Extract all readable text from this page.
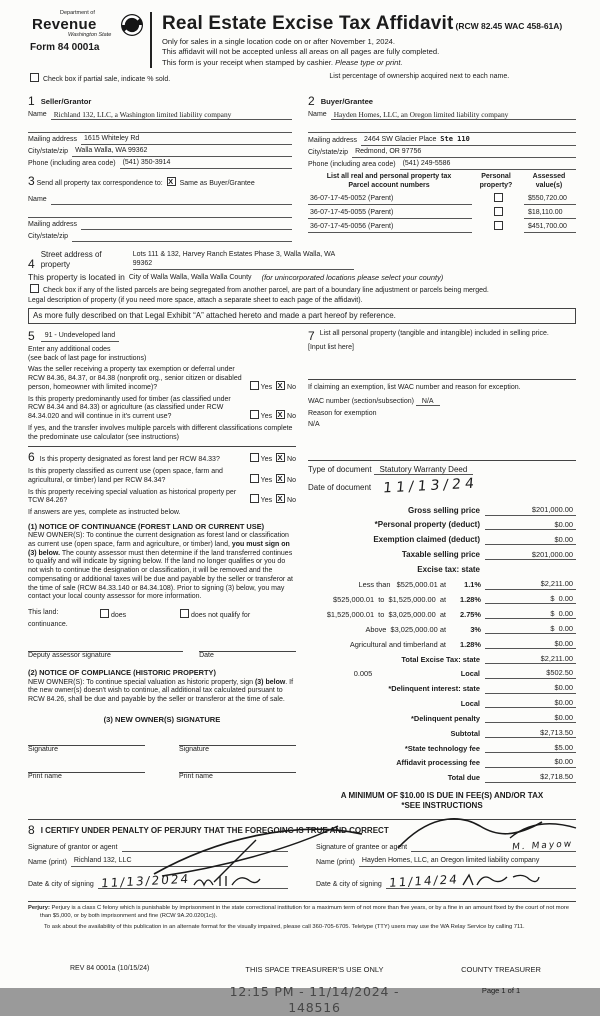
Department of
Revenue
Washington State
Form 84 0001a
Real Estate Excise Tax Affidavit (RCW 82.45 WAC 458-61A)
Only for sales in a single location code on or after November 1, 2024.
This affidavit will not be accepted unless all areas on all pages are fully completed.
This form is your receipt when stamped by cashier. Please type or print.
Check box if partial sale, indicate % sold.	List percentage of ownership acquired next to each name.
1 Seller/Grantor
Name Richland 132, LLC, a Washington limited liability company
Mailing address	1615 Whiteley Rd
City/state/zip	Walla Walla, WA 99362
Phone (including area code)	(541) 350-3914
3 Send all property tax correspondence to: X Same as Buyer/Grantee
Name
Mailing address
City/state/zip
2 Buyer/Grantee
Name Hayden Homes, LLC, an Oregon limited liability company
Mailing address	2464 SW Glacier Place Ste 110
City/state/zip	Redmond, OR 97756
Phone (including area code)	(541) 249-5586
List all real and personal property tax
Parcel account numbers
Personal
property?
Assessed
value(s)
36-07-17-45-0052 (Parent)	$550,720.00
36-07-17-45-0055 (Parent)	$18,110.00
36-07-17-45-0056 (Parent)	$451,700.00
4
Street address of
property
Lots 111 & 132, Harvey Ranch Estates Phase 3, Walla Walla, WA 99362
This property is located in City of Walla Walla, Walla Walla County	(for unincorporated locations please select your county)
Check box if any of the listed parcels are being segregated from another parcel, are part of a boundary line adjustment or parcels being merged.
Legal description of property (if you need more space, attach a separate sheet to each page of the affidavit).
As more fully described on that Legal Exhibit “A” attached hereto and made a part hereof by reference.
5	91 - Undeveloped land
Enter any additional codes
(see back of last page for instructions)
Was the seller receiving a property tax exemption or deferral under RCW 84.36, 84.37, or 84.38 (nonprofit org., senior citizen or disabled person, homeowner with limited income)?	Yes X No
Is this property predominantly used for timber (as classified under RCW 84.34 and 84.33) or agriculture (as classified under RCW 84.34.020 and will continue in it's current use?	Yes X No
If yes, and the transfer involves multiple parcels with different classifications complete the predominate use calculator (see instructions)
6 Is this property designated as forest land per RCW 84.33?	Yes X No
Is this property classified as current use (open space, farm and agricultural, or timber) land per RCW 84.34?	Yes X No
Is this property receiving special valuation as historical property per TCW 84.26?	Yes X No
If answers are yes, complete as instructed below.
(1) NOTICE OF CONTINUANCE (FOREST LAND OR CURRENT USE)
NEW OWNER(S): To continue the current designation as forest land or classification as current use (open space, farm and agriculture, or timber) land, you must sign on (3) below. The county assessor must then determine if the land transferred continues to qualify and will indicate by signing below. If the land no longer qualifies or you do not wish to continue the designation or classification, it will be removed and the compensating or additional taxes will be due and payable by the seller or transferor at the time of sale (RCW 84.33.140 or 84.34.108). Prior to signing (3) below, you may contact your local county assessor for more information.
This land:	does	does not qualify for
continuance.
Deputy assessor signature	Date
(2) NOTICE OF COMPLIANCE (HISTORIC PROPERTY)
NEW OWNER(S): To continue special valuation as historic property, sign (3) below. If the new owner(s) doesn't wish to continue, all additional tax calculated pursuant to RCW 84.26, shall be due and payable by the seller or transferor at the time of sale.
(3) NEW OWNER(S) SIGNATURE
Signature	Signature
Print name	Print name
7 List all personal property (tangible and intangible) included in selling price.
[Input list here]
If claiming an exemption, list WAC number and reason for exception.
WAC number (section/subsection) N/A
Reason for exemption
N/A
Type of document Statutory Warranty Deed
Date of document 11/13/24
Gross selling price	$201,000.00
*Personal property (deduct)	$0.00
Exemption claimed (deduct)	$0.00
Taxable selling price	$201,000.00
Excise tax: state
Less than   $525,000.01 at	1.1%	$2,211.00
$525,000.01  to  $1,525,000.00  at	1.28%	$  0.00
$1,525,000.01  to  $3,025,000.00  at	2.75%	$  0.00
Above  $3,025,000.00 at	3%	$  0.00
Agricultural and timberland at	1.28%	$0.00
Total Excise Tax: state	$2,211.00
0.005	Local	$502.50
*Delinquent interest: state	$0.00
Local	$0.00
*Delinquent penalty	$0.00
Subtotal	$2,713.50
*State technology fee	$5.00
Affidavit processing fee	$0.00
Total due	$2,718.50
A MINIMUM OF $10.00 IS DUE IN FEE(S) AND/OR TAX
*SEE INSTRUCTIONS
8 I CERTIFY UNDER PENALTY OF PERJURY THAT THE FOREGOING IS TRUE AND CORRECT
Signature of grantor or agent
Name (print)	Richland 132, LLC
Date & city of signing 11/13/2024
Signature of grantee or agent	M. Mayow
Name (print)	Hayden Homes, LLC, an Oregon limited liability company
Date & city of signing 11/14/24

Perjury: Perjury is a class C felony which is punishable by imprisonment in the state correctional institution for a maximum term of not more than five years, or by a fine in an amount fixed by the court of not more than $5,000, or by both imprisonment and fine (RCW 9A.20.020(1c)).

To ask about the availability of this publication in an alternate format for the visually impaired, please call 360-705-6705. Teletype (TTY) users may use the WA Relay Service by calling 711.

REV 84 0001a (10/15/24)	THIS SPACE TREASURER'S USE ONLY
12:15 PM - 11/14/2024 - 148516
COUNTY TREASURER
Page 1 of 1
